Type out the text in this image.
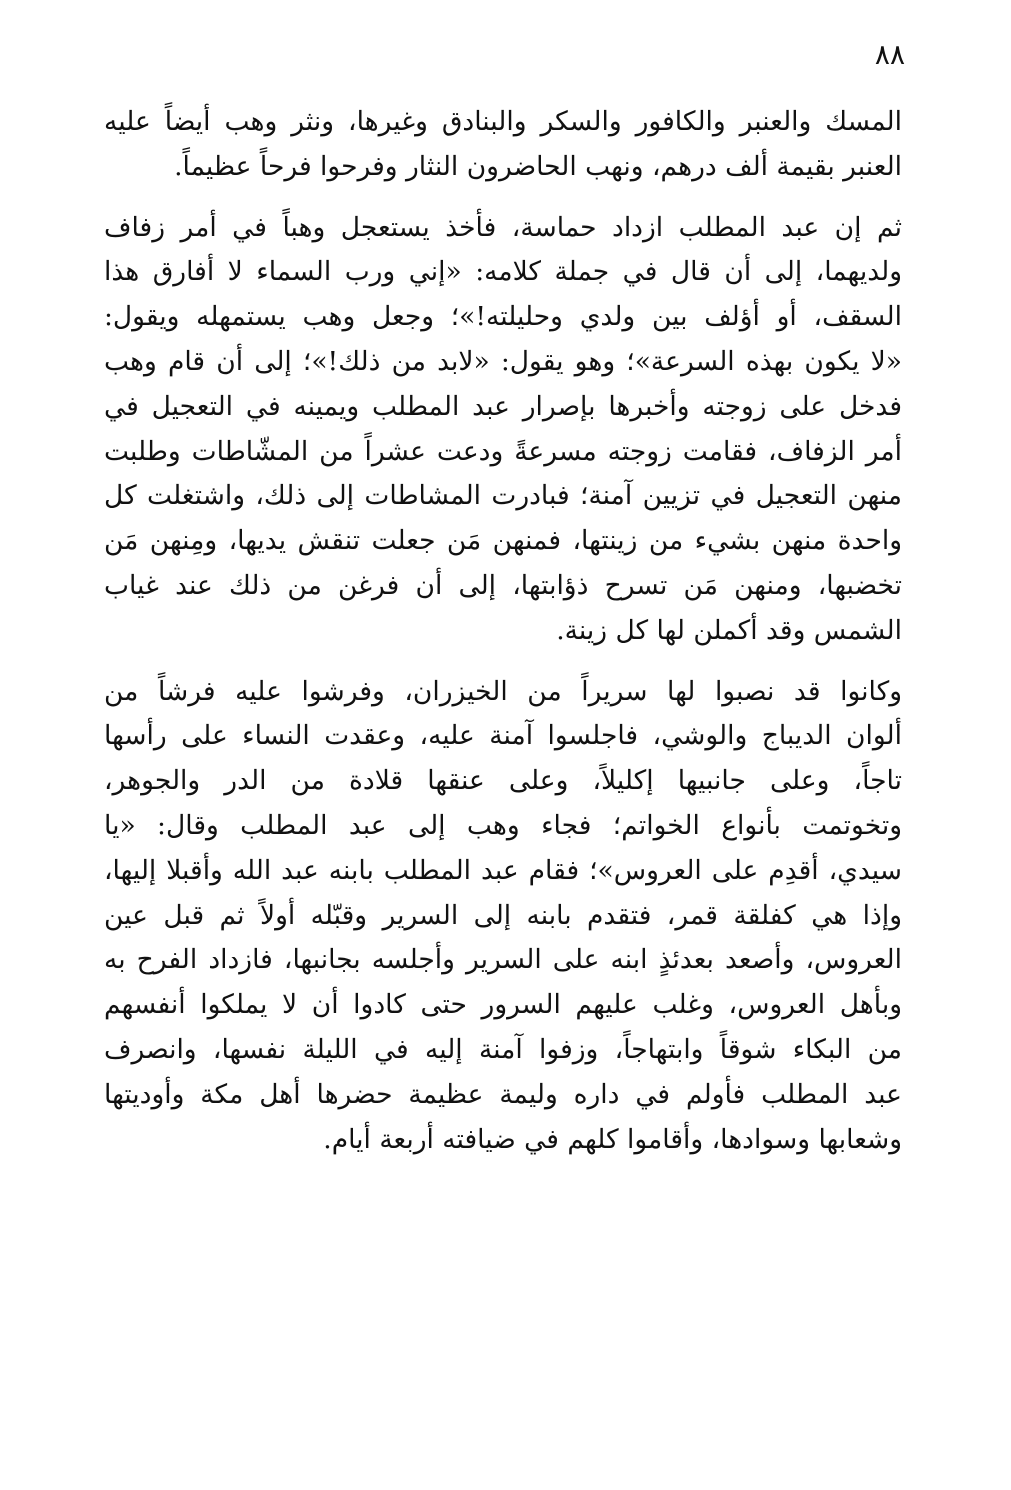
٨٨
المسك والعنبر والكافور والسكر والبنادق وغيرها، ونثر وهب أيضاً عليه
العنبر بقيمة ألف درهم، ونهب الحاضرون النثار وفرحوا فرحاً عظيماً.
ثم إن عبد المطلب ازداد حماسة، فأخذ يستعجل وهباً في أمر زفاف
ولديهما، إلى أن قال في جملة كلامه: «إني ورب السماء لا أفارق هذا
السقف، أو أؤلف بين ولدي وحليلته!»؛ وجعل وهب يستمهله ويقول:
«لا يكون بهذه السرعة»؛ وهو يقول: «لابد من ذلك!»؛ إلى أن قام وهب
فدخل على زوجته وأخبرها بإصرار عبد المطلب ويمينه في التعجيل في
أمر الزفاف، فقامت زوجته مسرعةً ودعت عشراً من المشّاطات وطلبت
منهن التعجيل في تزيين آمنة؛ فبادرت المشاطات إلى ذلك، واشتغلت كل
واحدة منهن بشيء من زينتها، فمنهن مَن جعلت تنقش يديها، ومِنهن مَن
تخضبها، ومنهن مَن تسرح ذؤابتها، إلى أن فرغن من ذلك عند غياب
الشمس وقد أكملن لها كل زينة.
وكانوا قد نصبوا لها سريراً من الخيزران، وفرشوا عليه فرشاً من
ألوان الديباج والوشي، فاجلسوا آمنة عليه، وعقدت النساء على رأسها
تاجاً، وعلى جانبيها إكليلاً، وعلى عنقها قلادة من الدر والجوهر،
وتخوتمت بأنواع الخواتم؛ فجاء وهب إلى عبد المطلب وقال: «يا
سيدي، أقدِم على العروس»؛ فقام عبد المطلب بابنه عبد الله وأقبلا إليها،
وإذا هي كفلقة قمر، فتقدم بابنه إلى السرير وقبّله أولاً ثم قبل عين
العروس، وأصعد بعدئذٍ ابنه على السرير وأجلسه بجانبها، فازداد الفرح به
وبأهل العروس، وغلب عليهم السرور حتى كادوا أن لا يملكوا أنفسهم
من البكاء شوقاً وابتهاجاً، وزفوا آمنة إليه في الليلة نفسها، وانصرف
عبد المطلب فأولم في داره وليمة عظيمة حضرها أهل مكة وأوديتها
وشعابها وسوادها، وأقاموا كلهم في ضيافته أربعة أيام.
